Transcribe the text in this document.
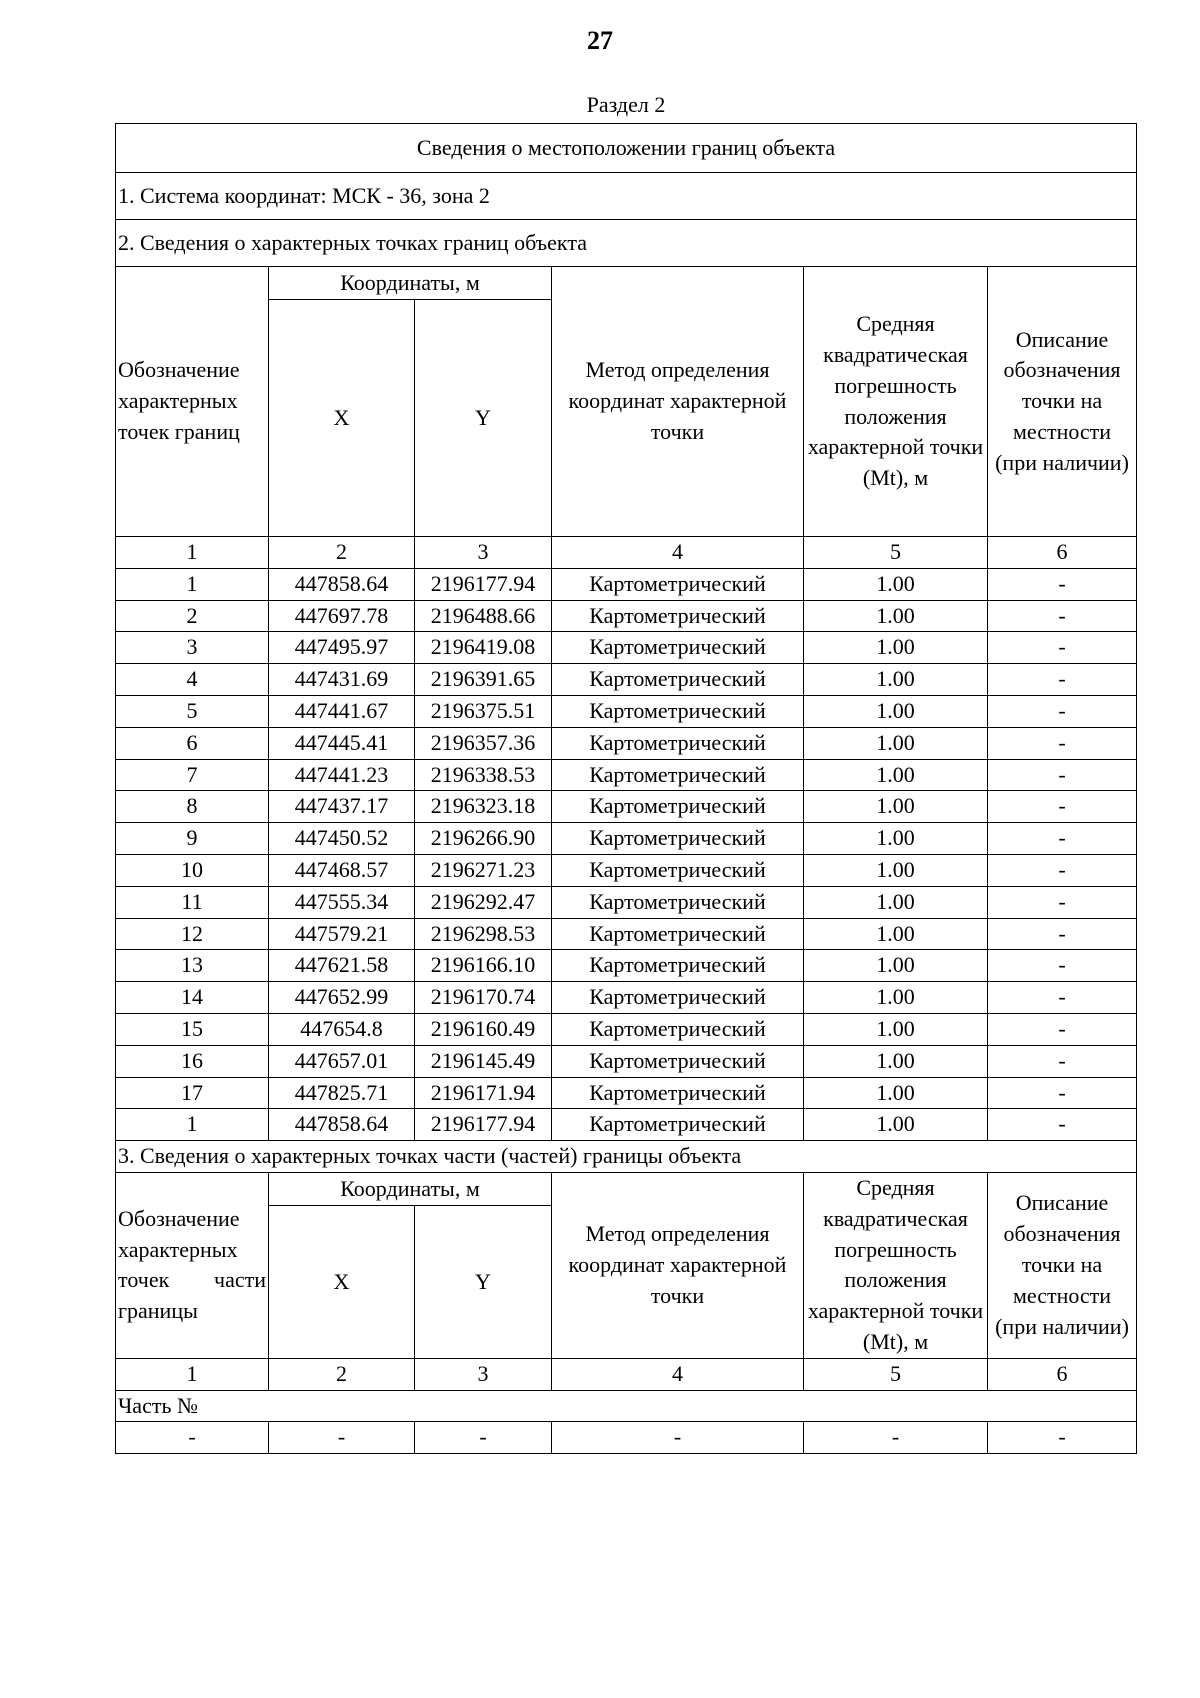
27
Раздел 2
Сведения о местоположении границ объекта					
1. Система координат: МСК - 36, зона 2					
2. Сведения о характерных точках границ объекта					
Обозначение характерных точек границ	Координаты, м		Метод определения координат характерной точки	Средняя квадратическая погрешность положения характерной точки (Mt), м	Описание обозначения точки на местности (при наличии)
	X	Y			
1	2	3	4	5	6
1	447858.64	2196177.94	Картометрический	1.00	-
2	447697.78	2196488.66	Картометрический	1.00	-
3	447495.97	2196419.08	Картометрический	1.00	-
4	447431.69	2196391.65	Картометрический	1.00	-
5	447441.67	2196375.51	Картометрический	1.00	-
6	447445.41	2196357.36	Картометрический	1.00	-
7	447441.23	2196338.53	Картометрический	1.00	-
8	447437.17	2196323.18	Картометрический	1.00	-
9	447450.52	2196266.90	Картометрический	1.00	-
10	447468.57	2196271.23	Картометрический	1.00	-
11	447555.34	2196292.47	Картометрический	1.00	-
12	447579.21	2196298.53	Картометрический	1.00	-
13	447621.58	2196166.10	Картометрический	1.00	-
14	447652.99	2196170.74	Картометрический	1.00	-
15	447654.8	2196160.49	Картометрический	1.00	-
16	447657.01	2196145.49	Картометрический	1.00	-
17	447825.71	2196171.94	Картометрический	1.00	-
1	447858.64	2196177.94	Картометрический	1.00	-
3. Сведения о характерных точках части (частей) границы объекта					
Обозначение характерных точек части границы	Координаты, м		Метод определения координат характерной точки	Средняя квадратическая погрешность положения характерной точки (Mt), м	Описание обозначения точки на местности (при наличии)
	X	Y			
1	2	3	4	5	6
Часть №					
-	-	-	-	-	-
